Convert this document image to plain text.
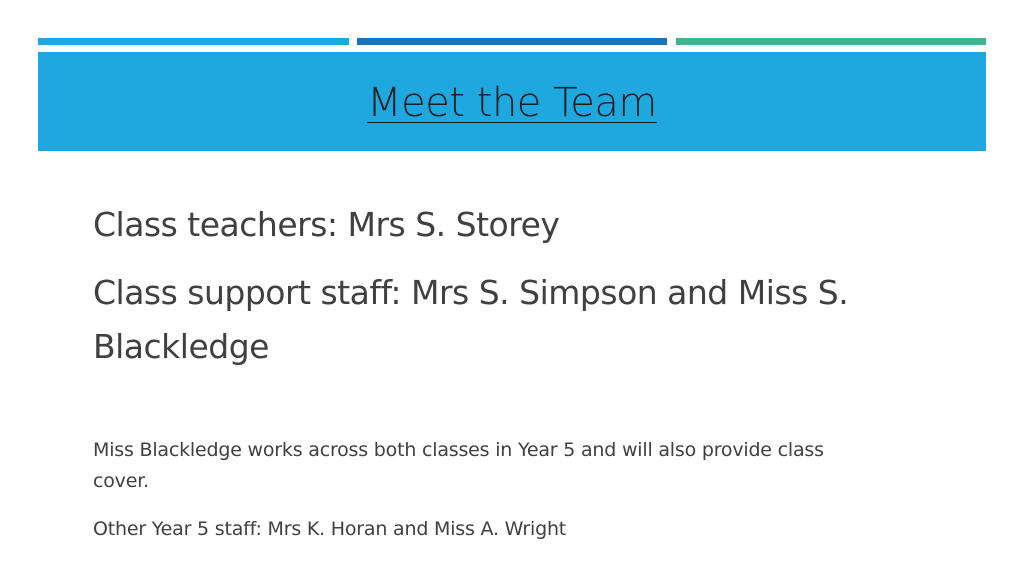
Meet the Team

Class teachers: Mrs S. Storey

Class support staff: Mrs S. Simpson and Miss S. Blackledge

Miss Blackledge works across both classes in Year 5 and will also provide class cover.

Other Year 5 staff: Mrs K. Horan and Miss A. Wright
